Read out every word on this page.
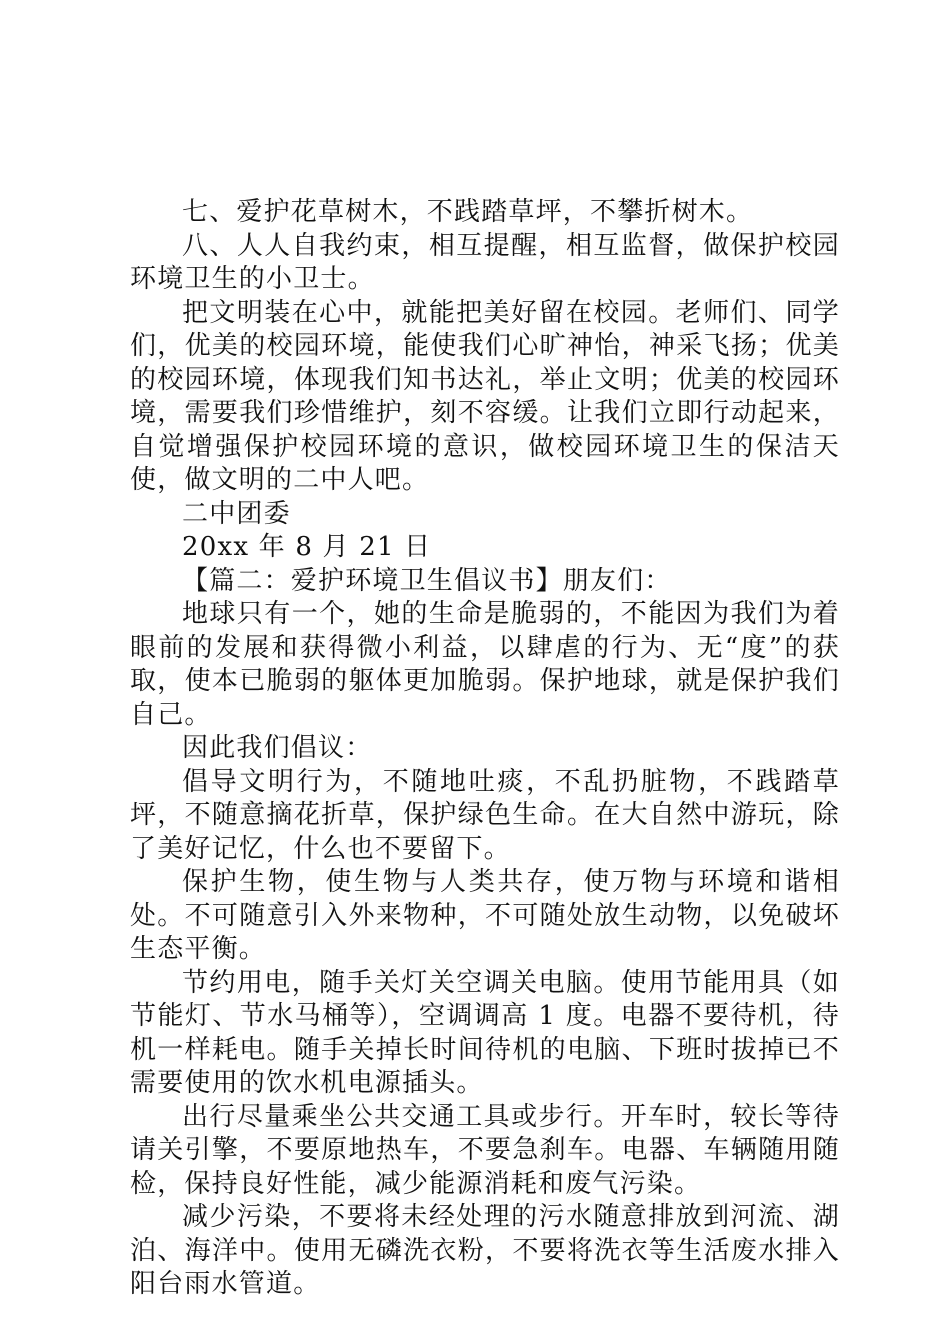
七、爱护花草树木，不践踏草坪，不攀折树木。

八、人人自我约束，相互提醒，相互监督，做保护校园环境卫生的小卫士。

把文明装在心中，就能把美好留在校园。老师们、同学们，优美的校园环境，能使我们心旷神怡，神采飞扬；优美的校园环境，体现我们知书达礼，举止文明；优美的校园环境，需要我们珍惜维护，刻不容缓。让我们立即行动起来，自觉增强保护校园环境的意识，做校园环境卫生的保洁天使，做文明的二中人吧。

二中团委

20xx 年 8 月 21 日

【篇二：爱护环境卫生倡议书】朋友们：

地球只有一个，她的生命是脆弱的，不能因为我们为着眼前的发展和获得微小利益，以肆虐的行为、无“度”的获取，使本已脆弱的躯体更加脆弱。保护地球，就是保护我们自己。

因此我们倡议：

倡导文明行为，不随地吐痰，不乱扔脏物，不践踏草坪，不随意摘花折草，保护绿色生命。在大自然中游玩，除了美好记忆，什么也不要留下。

保护生物，使生物与人类共存，使万物与环境和谐相处。不可随意引入外来物种，不可随处放生动物，以免破坏生态平衡。

节约用电，随手关灯关空调关电脑。使用节能用具（如节能灯、节水马桶等），空调调高 1 度。电器不要待机，待机一样耗电。随手关掉长时间待机的电脑、下班时拔掉已不需要使用的饮水机电源插头。

出行尽量乘坐公共交通工具或步行。开车时，较长等待请关引擎，不要原地热车，不要急刹车。电器、车辆随用随检，保持良好性能，减少能源消耗和废气污染。

减少污染，不要将未经处理的污水随意排放到河流、湖泊、海洋中。使用无磷洗衣粉，不要将洗衣等生活废水排入阳台雨水管道。
